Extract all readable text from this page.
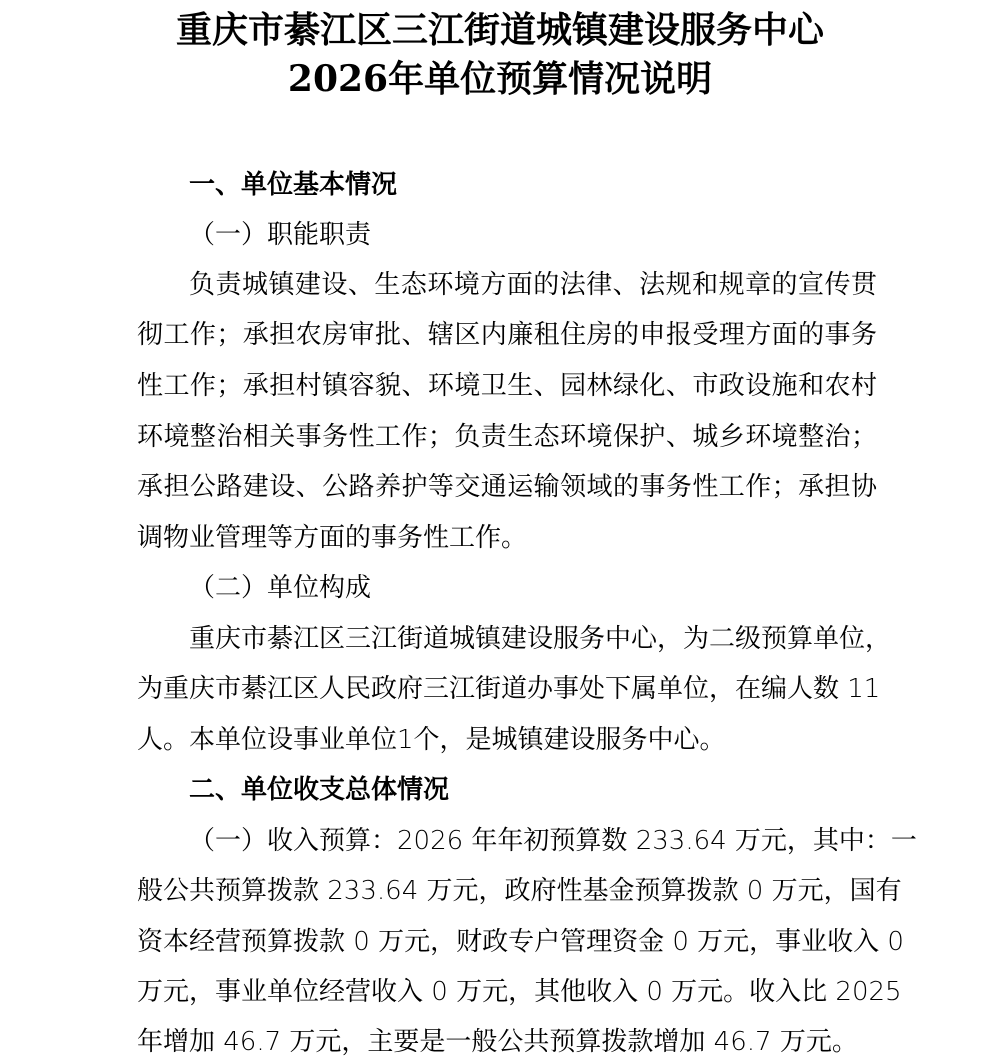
重庆市綦江区三江街道城镇建设服务中心
2026年单位预算情况说明
一、单位基本情况
（一）职能职责
负责城镇建设、生态环境方面的法律、法规和规章的宣传贯
彻工作；承担农房审批、辖区内廉租住房的申报受理方面的事务
性工作；承担村镇容貌、环境卫生、园林绿化、市政设施和农村
环境整治相关事务性工作；负责生态环境保护、城乡环境整治；
承担公路建设、公路养护等交通运输领域的事务性工作；承担协
调物业管理等方面的事务性工作。
（二）单位构成
重庆市綦江区三江街道城镇建设服务中心，为二级预算单位，
为重庆市綦江区人民政府三江街道办事处下属单位，在编人数 11
人。本单位设事业单位1个，是城镇建设服务中心。
二、单位收支总体情况
（一）收入预算：2026 年年初预算数 233.64 万元，其中：一
般公共预算拨款 233.64 万元，政府性基金预算拨款 0 万元，国有
资本经营预算拨款 0 万元，财政专户管理资金 0 万元，事业收入 0
万元，事业单位经营收入 0 万元，其他收入 0 万元。收入比 2025
年增加 46.7 万元，主要是一般公共预算拨款增加 46.7 万元。
